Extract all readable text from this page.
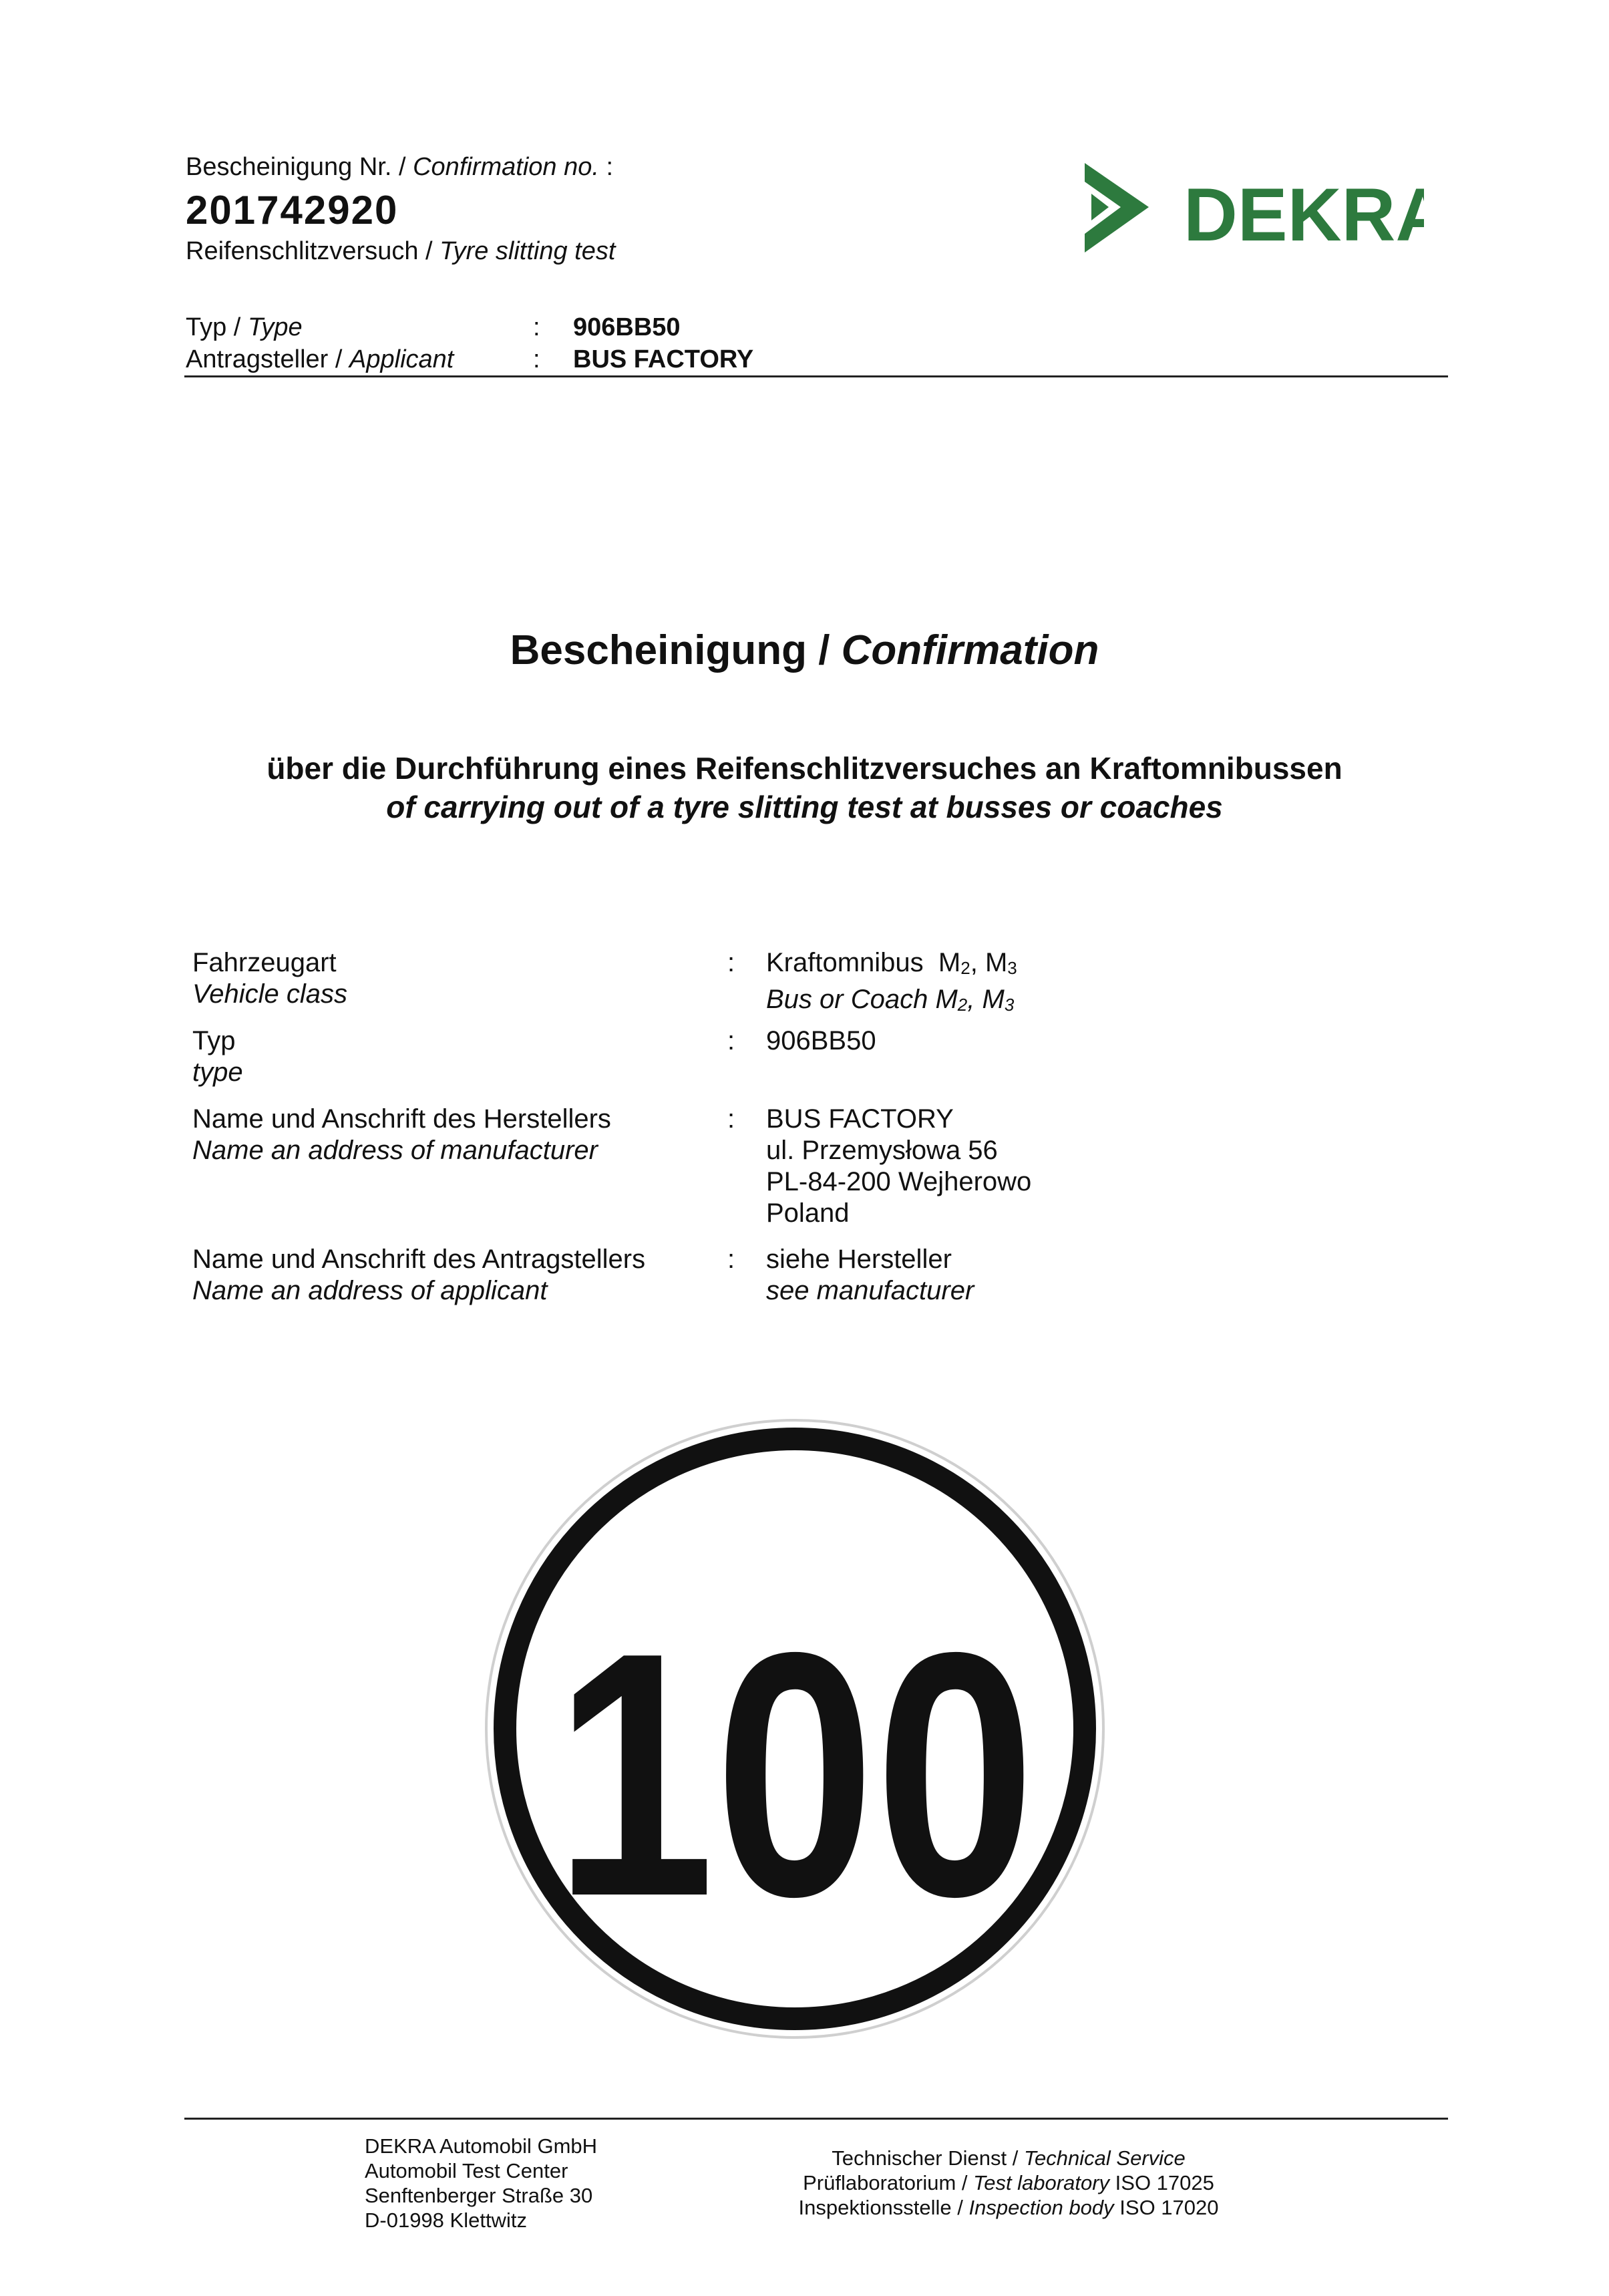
Bescheinigung Nr. / Confirmation no. :
201742920
Reifenschlitzversuch / Tyre slitting test	DEKRA
Typ / Type	: 906BB50
Antragsteller / Applicant	: BUS FACTORY
Bescheinigung / Confirmation
über die Durchführung eines Reifenschlitzversuches an Kraftomnibussen
of carrying out of a tyre slitting test at busses or coaches
Fahrzeugart
Vehicle class
: Kraftomnibus $M_2$, $M_3$
Bus or Coach $M_2$, $M_3$
Typ
type
: 906BB50
Name und Anschrift des Herstellers
Name an address of manufacturer
: BUS FACTORY
ul. Przemysłowa 56
PL-84-200 Wejherowo
Poland
Name und Anschrift des Antragstellers
Name an address of applicant
: siehe Hersteller
see manufacturer
100
DEKRA Automobil GmbH
Automobil Test Center
Senftenberger Straße 30
D-01998 Klettwitz
Technischer Dienst / Technical Service
Prüflaboratorium / Test laboratory ISO 17025
Inspektionsstelle / Inspection body ISO 17020
